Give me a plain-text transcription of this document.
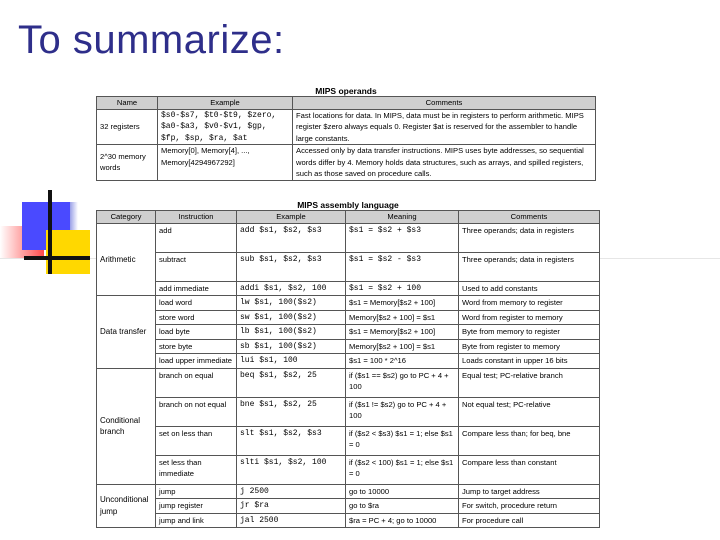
To summarize:
MIPS operands
Name	Example	Comments
32 registers	$s0-$s7, $t0-$t9, $zero, $a0-$a3, $v0-$v1, $gp, $fp, $sp, $ra, $at	Fast locations for data. In MIPS, data must be in registers to perform arithmetic. MIPS register $zero always equals 0. Register $at is reserved for the assembler to handle large constants.
2^30 memory words	Memory[0], Memory[4], ..., Memory[4294967292]	Accessed only by data transfer instructions. MIPS uses byte addresses, so sequential words differ by 4. Memory holds data structures, such as arrays, and spilled registers, such as those saved on procedure calls.
MIPS assembly language
Category	Instruction	Example	Meaning	Comments
Arithmetic	add	add $s1, $s2, $s3	$s1 = $s2 + $s3	Three operands; data in registers
	subtract	sub $s1, $s2, $s3	$s1 = $s2 - $s3	Three operands; data in registers
	add immediate	addi $s1, $s2, 100	$s1 = $s2 + 100	Used to add constants
Data transfer	load word	lw $s1, 100($s2)	$s1 = Memory[$s2 + 100]	Word from memory to register
	store word	sw $s1, 100($s2)	Memory[$s2 + 100] = $s1	Word from register to memory
	load byte	lb $s1, 100($s2)	$s1 = Memory[$s2 + 100]	Byte from memory to register
	store byte	sb $s1, 100($s2)	Memory[$s2 + 100] = $s1	Byte from register to memory
	load upper immediate	lui $s1, 100	$s1 = 100 * 2^16	Loads constant in upper 16 bits
Conditional branch	branch on equal	beq $s1, $s2, 25	if ($s1 == $s2) go to PC + 4 + 100	Equal test; PC-relative branch
	branch on not equal	bne $s1, $s2, 25	if ($s1 != $s2) go to PC + 4 + 100	Not equal test; PC-relative
	set on less than	slt $s1, $s2, $s3	if ($s2 < $s3) $s1 = 1; else $s1 = 0	Compare less than; for beq, bne
	set less than immediate	slti $s1, $s2, 100	if ($s2 < 100) $s1 = 1; else $s1 = 0	Compare less than constant
Unconditional jump	jump	j 2500	go to 10000	Jump to target address
	jump register	jr $ra	go to $ra	For switch, procedure return
	jump and link	jal 2500	$ra = PC + 4; go to 10000	For procedure call
